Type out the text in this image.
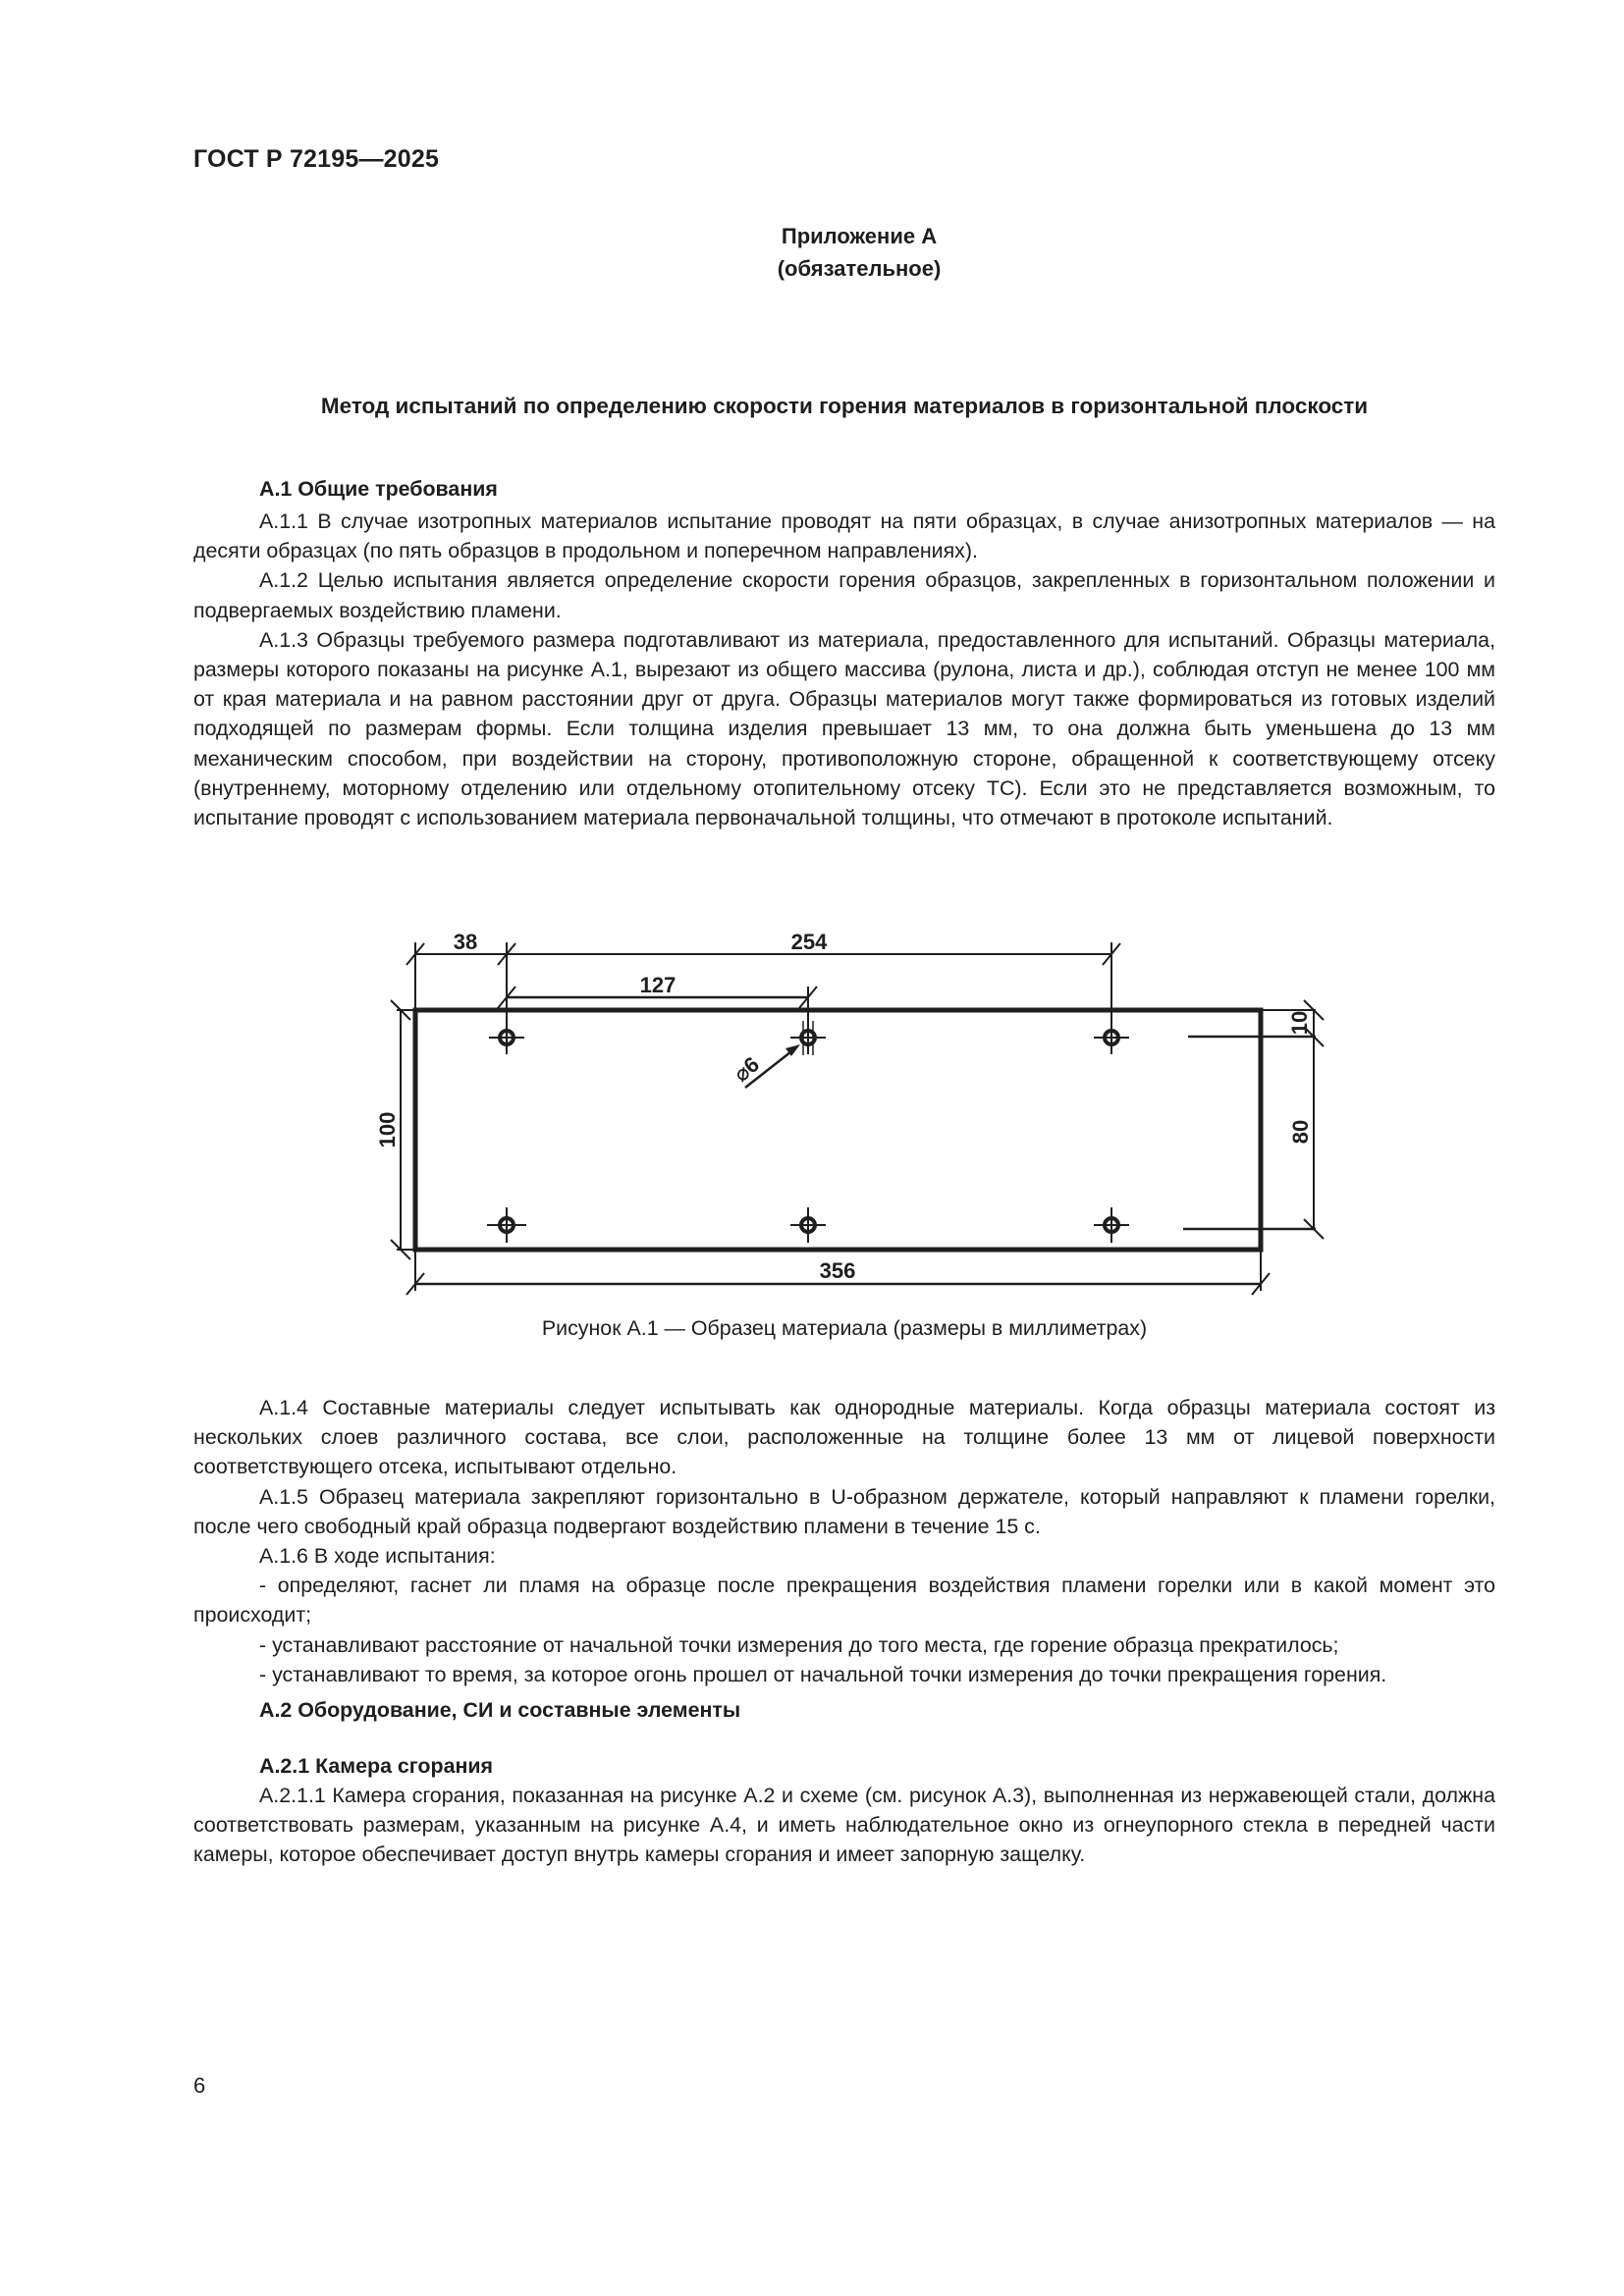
ГОСТ Р 72195—2025
Приложение А
(обязательное)
Метод испытаний по определению скорости горения материалов в горизонтальной плоскости
А.1 Общие требования

А.1.1 В случае изотропных материалов испытание проводят на пяти образцах, в случае анизотропных материалов — на десяти образцах (по пять образцов в продольном и поперечном направлениях).

А.1.2 Целью испытания является определение скорости горения образцов, закрепленных в горизонтальном положении и подвергаемых воздействию пламени.

А.1.3 Образцы требуемого размера подготавливают из материала, предоставленного для испытаний. Образцы материала, размеры которого показаны на рисунке А.1, вырезают из общего массива (рулона, листа и др.), соблюдая отступ не менее 100 мм от края материала и на равном расстоянии друг от друга. Образцы материалов могут также формироваться из готовых изделий подходящей по размерам формы. Если толщина изделия превышает 13 мм, то она должна быть уменьшена до 13 мм механическим способом, при воздействии на сторону, противоположную стороне, обращенной к соответствующему отсеку (внутреннему, моторному отделению или отдельному отопительному отсеку ТС). Если это не представляется возможным, то испытание проводят с использованием материала первоначальной толщины, что отмечают в протоколе испытаний.

38	254
127
356
100	80
10
⌀6
Рисунок А.1 — Образец материала (размеры в миллиметрах)

А.1.4 Составные материалы следует испытывать как однородные материалы. Когда образцы материала состоят из нескольких слоев различного состава, все слои, расположенные на толщине более 13 мм от лицевой поверхности соответствующего отсека, испытывают отдельно.

А.1.5 Образец материала закрепляют горизонтально в U-образном держателе, который направляют к пламени горелки, после чего свободный край образца подвергают воздействию пламени в течение 15 с.

А.1.6 В ходе испытания:

- определяют, гаснет ли пламя на образце после прекращения воздействия пламени горелки или в какой момент это происходит;

- устанавливают расстояние от начальной точки измерения до того места, где горение образца прекратилось;

- устанавливают то время, за которое огонь прошел от начальной точки измерения до точки прекращения горения.

А.2 Оборудование, СИ и составные элементы
А.2.1 Камера сгорания

А.2.1.1 Камера сгорания, показанная на рисунке А.2 и схеме (см. рисунок А.3), выполненная из нержавеющей стали, должна соответствовать размерам, указанным на рисунке А.4, и иметь наблюдательное окно из огнеупорного стекла в передней части камеры, которое обеспечивает доступ внутрь камеры сгорания и имеет запорную защелку.

6
